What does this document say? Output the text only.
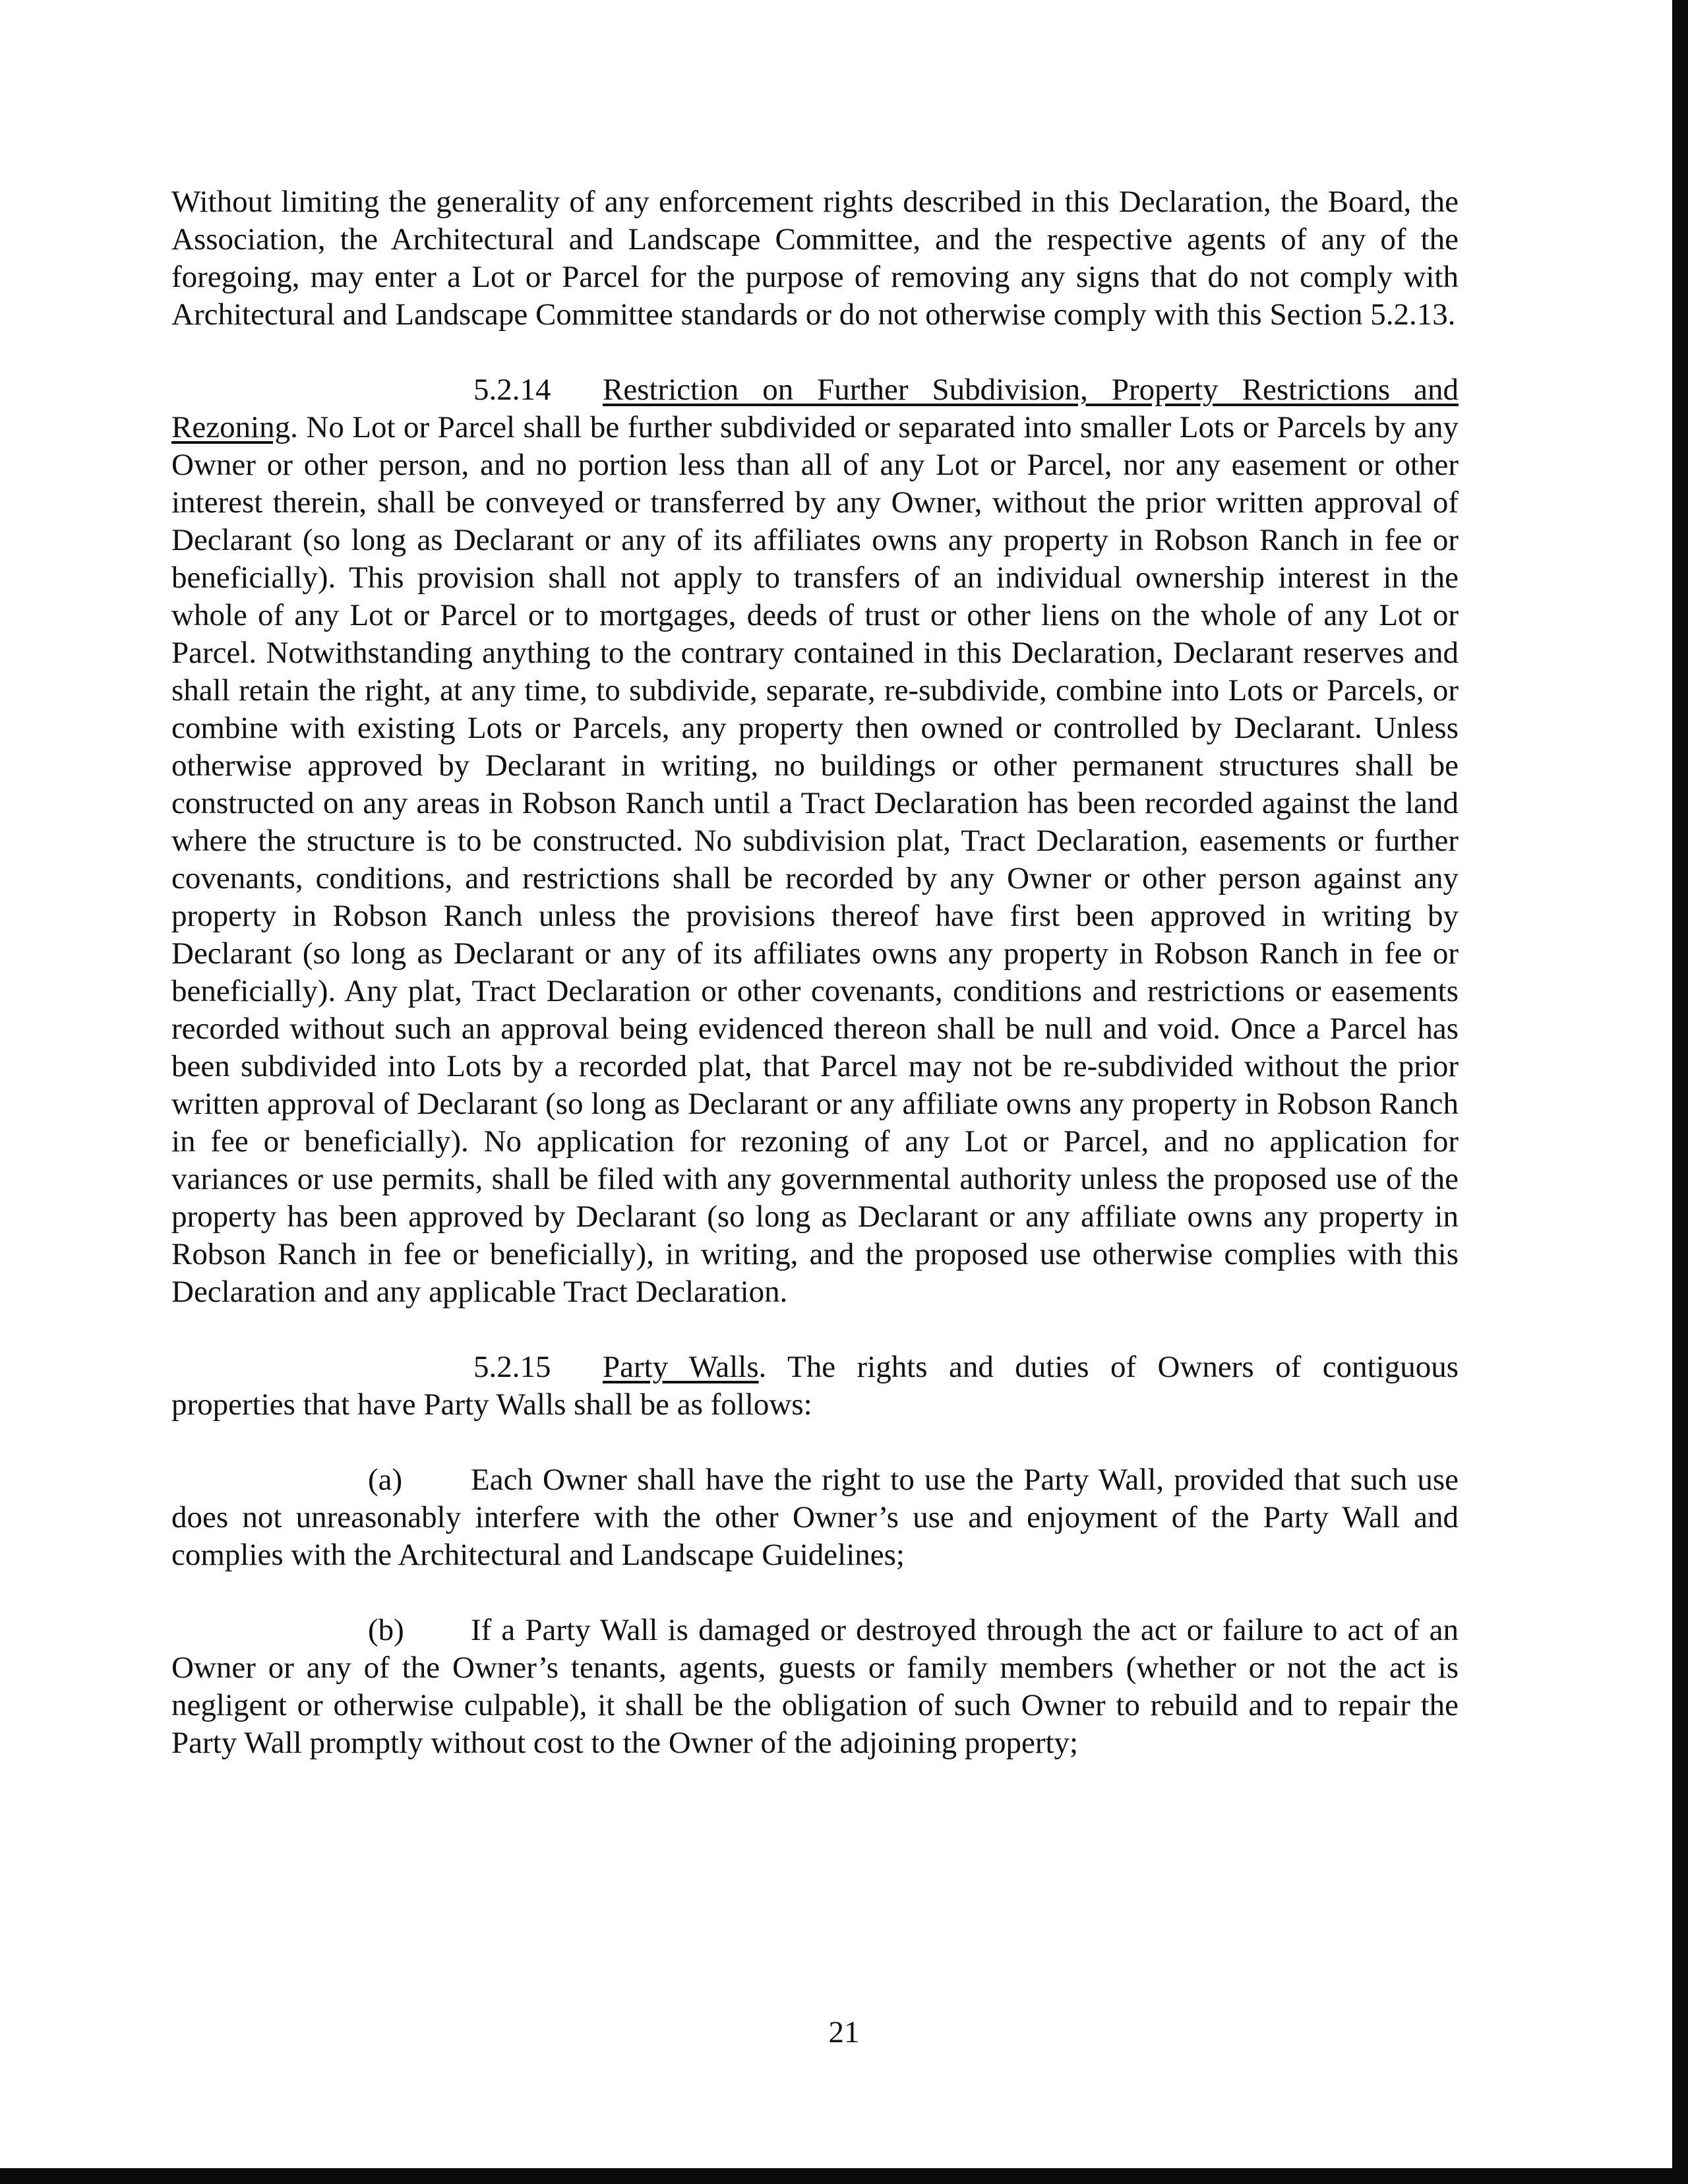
Without limiting the generality of any enforcement rights described in this Declaration, the Board, the Association, the Architectural and Landscape Committee, and the respective agents of any of the foregoing, may enter a Lot or Parcel for the purpose of removing any signs that do not comply with Architectural and Landscape Committee standards or do not otherwise comply with this Section 5.2.13.

5.2.14 Restriction on Further Subdivision, Property Restrictions and Rezoning. No Lot or Parcel shall be further subdivided or separated into smaller Lots or Parcels by any Owner or other person, and no portion less than all of any Lot or Parcel, nor any easement or other interest therein, shall be conveyed or transferred by any Owner, without the prior written approval of Declarant (so long as Declarant or any of its affiliates owns any property in Robson Ranch in fee or beneficially). This provision shall not apply to transfers of an individual ownership interest in the whole of any Lot or Parcel or to mortgages, deeds of trust or other liens on the whole of any Lot or Parcel. Notwithstanding anything to the contrary contained in this Declaration, Declarant reserves and shall retain the right, at any time, to subdivide, separate, re-subdivide, combine into Lots or Parcels, or combine with existing Lots or Parcels, any property then owned or controlled by Declarant. Unless otherwise approved by Declarant in writing, no buildings or other permanent structures shall be constructed on any areas in Robson Ranch until a Tract Declaration has been recorded against the land where the structure is to be constructed. No subdivision plat, Tract Declaration, easements or further covenants, conditions, and restrictions shall be recorded by any Owner or other person against any property in Robson Ranch unless the provisions thereof have first been approved in writing by Declarant (so long as Declarant or any of its affiliates owns any property in Robson Ranch in fee or beneficially). Any plat, Tract Declaration or other covenants, conditions and restrictions or easements recorded without such an approval being evidenced thereon shall be null and void. Once a Parcel has been subdivided into Lots by a recorded plat, that Parcel may not be re-subdivided without the prior written approval of Declarant (so long as Declarant or any affiliate owns any property in Robson Ranch in fee or beneficially). No application for rezoning of any Lot or Parcel, and no application for variances or use permits, shall be filed with any governmental authority unless the proposed use of the property has been approved by Declarant (so long as Declarant or any affiliate owns any property in Robson Ranch in fee or beneficially), in writing, and the proposed use otherwise complies with this Declaration and any applicable Tract Declaration.

5.2.15 Party Walls. The rights and duties of Owners of contiguous properties that have Party Walls shall be as follows:

(a) Each Owner shall have the right to use the Party Wall, provided that such use does not unreasonably interfere with the other Owner’s use and enjoyment of the Party Wall and complies with the Architectural and Landscape Guidelines;

(b) If a Party Wall is damaged or destroyed through the act or failure to act of an Owner or any of the Owner’s tenants, agents, guests or family members (whether or not the act is negligent or otherwise culpable), it shall be the obligation of such Owner to rebuild and to repair the Party Wall promptly without cost to the Owner of the adjoining property;

21
